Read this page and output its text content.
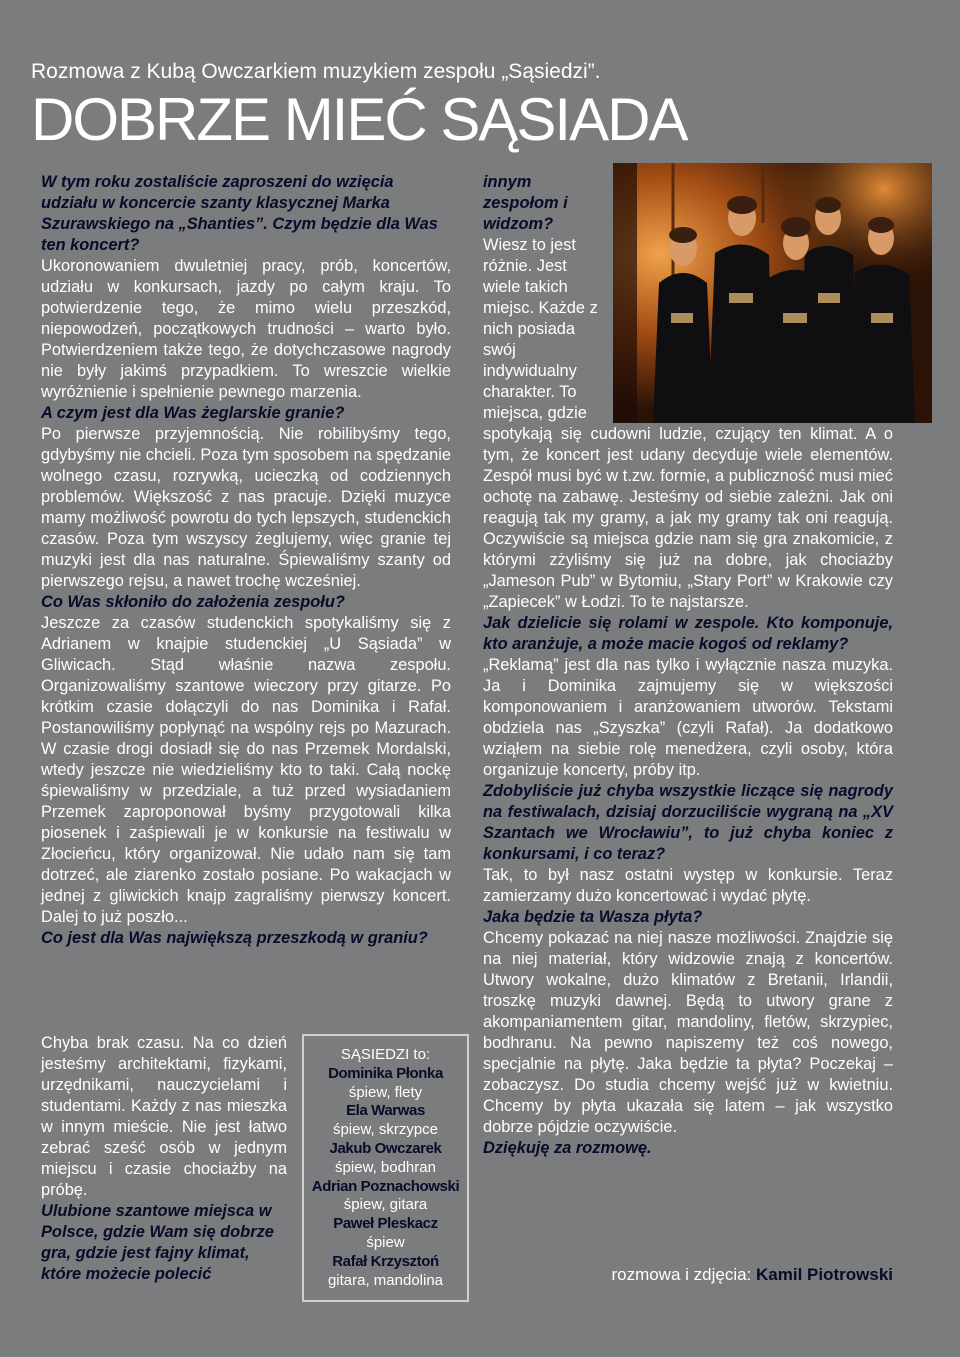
Rozmowa z Kubą Owczarkiem muzykiem zespołu „Sąsiedzi”.
DOBRZE MIEĆ SĄSIADA

W tym roku zostaliście zaproszeni do wzięcia udziału w koncercie szanty klasycznej Marka Szurawskiego na „Shanties”. Czym będzie dla Was ten koncert?

Ukoronowaniem dwuletniej pracy, prób, koncertów, udziału w konkursach, jazdy po całym kraju. To potwierdzenie tego, że mimo wielu przeszkód, niepowodzeń, początkowych trudności – warto było. Potwierdzeniem także tego, że dotychczasowe nagrody nie były jakimś przypadkiem. To wreszcie wielkie wyróżnienie i spełnienie pewnego marzenia.

A czym jest dla Was żeglarskie granie?

Po pierwsze przyjemnością. Nie robilibyśmy tego, gdybyśmy nie chcieli. Poza tym sposobem na spędzanie wolnego czasu, rozrywką, ucieczką od codziennych problemów. Większość z nas pracuje. Dzięki muzyce mamy możliwość powrotu do tych lepszych, studenckich czasów. Poza tym wszyscy żeglujemy, więc granie tej muzyki jest dla nas naturalne. Śpiewaliśmy szanty od pierwszego rejsu, a nawet trochę wcześniej.

Co Was skłoniło do założenia zespołu?

Jeszcze za czasów studenckich spotykaliśmy się z Adrianem w knajpie studenckiej „U Sąsiada” w Gliwicach. Stąd właśnie nazwa zespołu. Organizowaliśmy szantowe wieczory przy gitarze. Po krótkim czasie dołączyli do nas Dominika i Rafał. Postanowiliśmy popłynąć na wspólny rejs po Mazurach. W czasie drogi dosiadł się do nas Przemek Mordalski, wtedy jeszcze nie wiedzieliśmy kto to taki. Całą nockę śpiewaliśmy w przedziale, a tuż przed wysiadaniem Przemek zaproponował byśmy przygotowali kilka piosenek i zaśpiewali je w konkursie na festiwalu w Złocieńcu, który organizował. Nie udało nam się tam dotrzeć, ale ziarenko zostało posiane. Po wakacjach w jednej z gliwickich knajp zagraliśmy pierwszy koncert. Dalej to już poszło...

Co jest dla Was największą przeszkodą w graniu?

Chyba brak czasu. Na co dzień jesteśmy architektami, fizykami, urzędnikami, nauczycielami i studentami. Każdy z nas mieszka w innym mieście. Nie jest łatwo zebrać sześć osób w jednym miejscu i czasie chociażby na próbę.

Ulubione szantowe miejsca w Polsce, gdzie Wam się dobrze gra, gdzie jest fajny klimat, które możecie polecić

innym zespołom i widzom?

Wiesz to jest różnie. Jest wiele takich miejsc. Każde z nich posiada swój indywidualny charakter. To miejsca, gdzie

spotykają się cudowni ludzie, czujący ten klimat. A o tym, że koncert jest udany decyduje wiele elementów. Zespół musi być w t.zw. formie, a publiczność musi mieć ochotę na zabawę. Jesteśmy od siebie zależni. Jak oni reagują tak my gramy, a jak my gramy tak oni reagują. Oczywiście są miejsca gdzie nam się gra znakomicie, z którymi zżyliśmy się już na dobre, jak chociażby „Jameson Pub” w Bytomiu, „Stary Port” w Krakowie czy „Zapiecek” w Łodzi. To te najstarsze.

Jak dzielicie się rolami w zespole. Kto komponuje, kto aranżuje, a może macie kogoś od reklamy?

„Reklamą” jest dla nas tylko i wyłącznie nasza muzyka. Ja i Dominika zajmujemy się w większości komponowaniem i aranżowaniem utworów. Tekstami obdziela nas „Szyszka” (czyli Rafał). Ja dodatkowo wziąłem na siebie rolę menedżera, czyli osoby, która organizuje koncerty, próby itp.

Zdobyliście już chyba wszystkie liczące się nagrody na festiwalach, dzisiaj dorzuciliście wygraną na „XV Szantach we Wrocławiu”, to już chyba koniec z konkursami, i co teraz?

Tak, to był nasz ostatni występ w konkursie. Teraz zamierzamy dużo koncertować i wydać płytę.

Jaka będzie ta Wasza płyta?

Chcemy pokazać na niej nasze możliwości. Znajdzie się na niej materiał, który widzowie znają z koncertów. Utwory wokalne, dużo klimatów z Bretanii, Irlandii, troszkę muzyki dawnej. Będą to utwory grane z akompaniamentem gitar, mandoliny, fletów, skrzypiec, bodhranu. Na pewno napiszemy też coś nowego, specjalnie na płytę. Jaka będzie ta płyta? Poczekaj – zobaczysz. Do studia chcemy wejść już w kwietniu. Chcemy by płyta ukazała się latem – jak wszystko dobrze pójdzie oczywiście.

Dziękuję za rozmowę.

SĄSIEDZI to:
Dominika Płonka
śpiew, flety
Ela Warwas
śpiew, skrzypce
Jakub Owczarek
śpiew, bodhran
Adrian Poznachowski
śpiew, gitara
Paweł Pleskacz
śpiew
Rafał Krzysztoń
gitara, mandolina	rozmowa i zdjęcia: Kamil Piotrowski
